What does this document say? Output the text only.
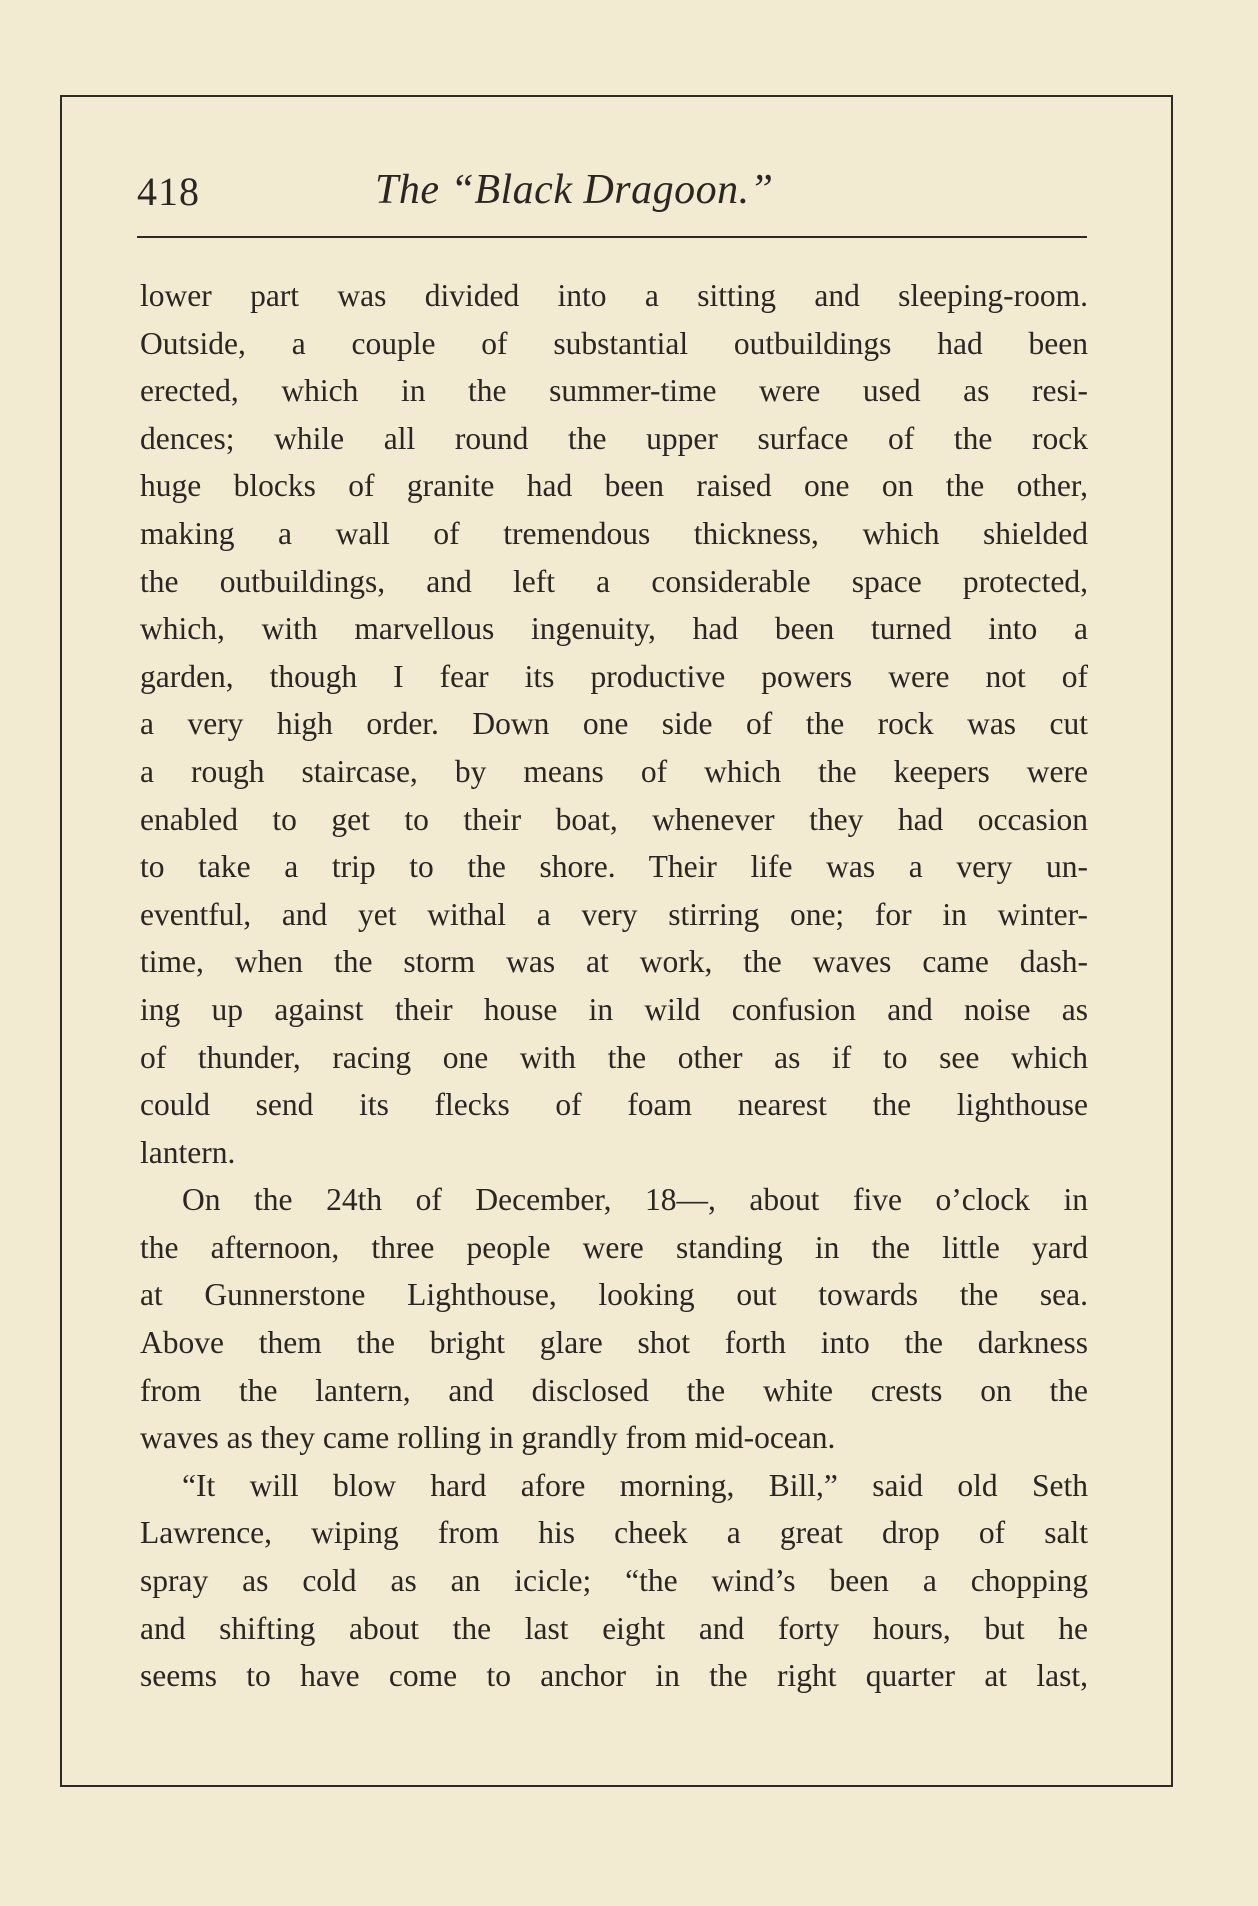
418	The “Black Dragoon.”
lower part was divided into a sitting and sleeping-room.
Outside, a couple of substantial outbuildings had been
erected, which in the summer-time were used as resi-
dences; while all round the upper surface of the rock
huge blocks of granite had been raised one on the other,
making a wall of tremendous thickness, which shielded
the outbuildings, and left a considerable space protected,
which, with marvellous ingenuity, had been turned into a
garden, though I fear its productive powers were not of
a very high order. Down one side of the rock was cut
a rough staircase, by means of which the keepers were
enabled to get to their boat, whenever they had occasion
to take a trip to the shore. Their life was a very un-
eventful, and yet withal a very stirring one; for in winter-
time, when the storm was at work, the waves came dash-
ing up against their house in wild confusion and noise as
of thunder, racing one with the other as if to see which
could send its flecks of foam nearest the lighthouse
lantern.
On the 24th of December, 18—, about five o’clock in
the afternoon, three people were standing in the little yard
at Gunnerstone Lighthouse, looking out towards the sea.
Above them the bright glare shot forth into the darkness
from the lantern, and disclosed the white crests on the
waves as they came rolling in grandly from mid-ocean.
“It will blow hard afore morning, Bill,” said old Seth
Lawrence, wiping from his cheek a great drop of salt
spray as cold as an icicle; “the wind’s been a chopping
and shifting about the last eight and forty hours, but he
seems to have come to anchor in the right quarter at last,
